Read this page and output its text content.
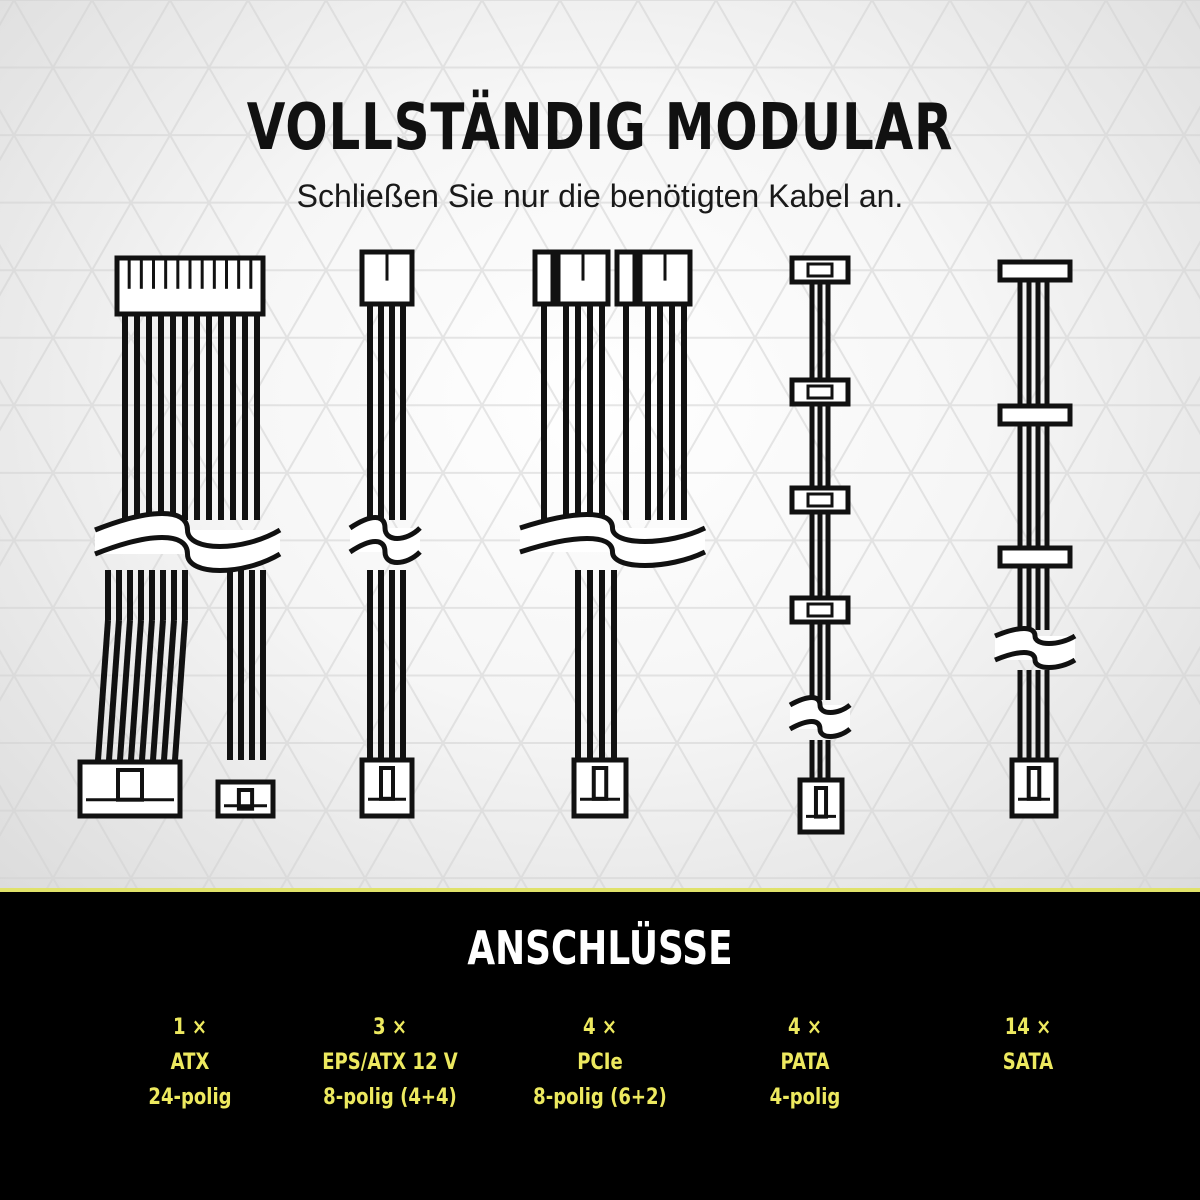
VOLLSTÄNDIG MODULAR
Schließen Sie nur die benötigten Kabel an.
ANSCHLÜSSE
1 ×
ATX
24-polig
3 ×
EPS/ATX 12 V
8-polig (4+4)
4 ×
PCIe
8-polig (6+2)
4 ×
PATA
4-polig
14 ×
SATA
